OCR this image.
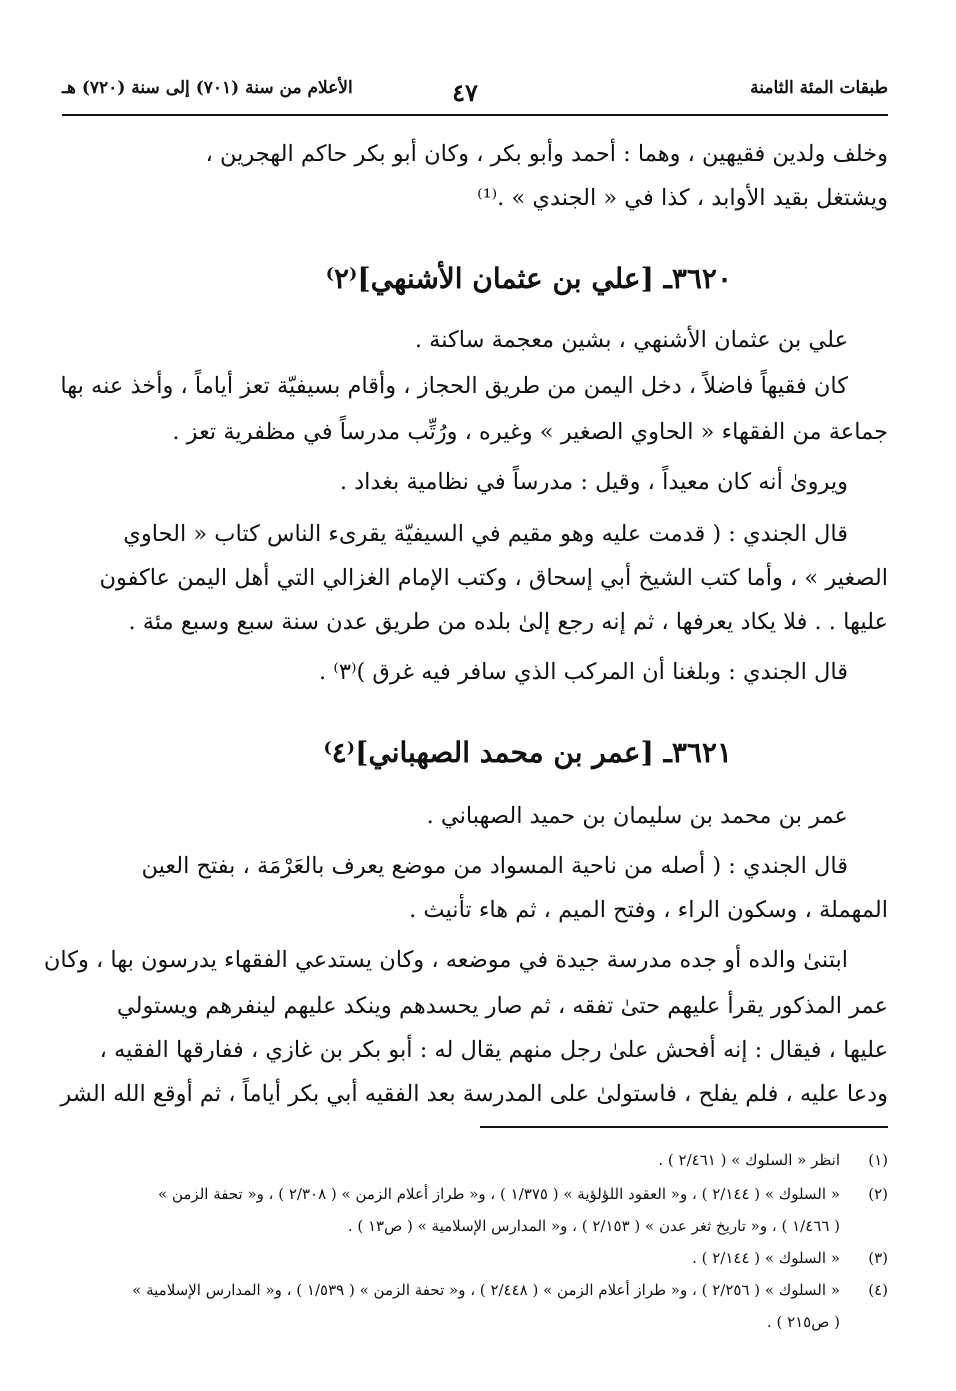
طبقات المئة الثامنة
٤٧
الأعلام من سنة (٧٠١) إلى سنة (٧٢٠) هـ
وخلف ولدين فقيهين ، وهما : أحمد وأبو بكر ، وكان أبو بكر حاكم الهجرين ،
ويشتغل بقيد الأوابد ، كذا في « الجندي » .⁽¹⁾
٣٦٢٠ـ [علي بن عثمان الأشنهي]⁽٢⁾
علي بن عثمان الأشنهي ، بشين معجمة ساكنة .
كان فقيهاً فاضلاً ، دخل اليمن من طريق الحجاز ، وأقام بسيفيّة تعز أياماً ، وأخذ عنه بها
جماعة من الفقهاء « الحاوي الصغير » وغيره ، ورُتِّب مدرساً في مظفرية تعز .
ويروىٰ أنه كان معيداً ، وقيل : مدرساً في نظامية بغداد .
قال الجندي : ( قدمت عليه وهو مقيم في السيفيّة يقرىء الناس كتاب « الحاوي
الصغير » ، وأما كتب الشيخ أبي إسحاق ، وكتب الإمام الغزالي التي أهل اليمن عاكفون
عليها . . فلا يكاد يعرفها ، ثم إنه رجع إلىٰ بلده من طريق عدن سنة سبع وسبع مئة .
قال الجندي : وبلغنا أن المركب الذي سافر فيه غرق )⁽٣⁾ .
٣٦٢١ـ [عمر بن محمد الصهباني]⁽٤⁾
عمر بن محمد بن سليمان بن حميد الصهباني .
قال الجندي : ( أصله من ناحية المسواد من موضع يعرف بالعَرْمَة ، بفتح العين
المهملة ، وسكون الراء ، وفتح الميم ، ثم هاء تأنيث .
ابتنىٰ والده أو جده مدرسة جيدة في موضعه ، وكان يستدعي الفقهاء يدرسون بها ، وكان
عمر المذكور يقرأ عليهم حتىٰ تفقه ، ثم صار يحسدهم وينكد عليهم لينفرهم ويستولي
عليها ، فيقال : إنه أفحش علىٰ رجل منهم يقال له : أبو بكر بن غازي ، ففارقها الفقيه ،
ودعا عليه ، فلم يفلح ، فاستولىٰ على المدرسة بعد الفقيه أبي بكر أياماً ، ثم أوقع الله الشر
(١)انظر « السلوك » ( ٢/٤٦١ ) .
(٢)« السلوك » ( ٢/١٤٤ ) ، و« العقود اللؤلؤية » ( ١/٣٧٥ ) ، و« طراز أعلام الزمن » ( ٢/٣٠٨ ) ، و« تحفة الزمن »
( ١/٤٦٦ ) ، و« تاريخ ثغر عدن » ( ٢/١٥٣ ) ، و« المدارس الإسلامية » ( ص١٣ ) .
(٣)« السلوك » ( ٢/١٤٤ ) .
(٤)« السلوك » ( ٢/٢٥٦ ) ، و« طراز أعلام الزمن » ( ٢/٤٤٨ ) ، و« تحفة الزمن » ( ١/٥٣٩ ) ، و« المدارس الإسلامية »
( ص٢١٥ ) .
